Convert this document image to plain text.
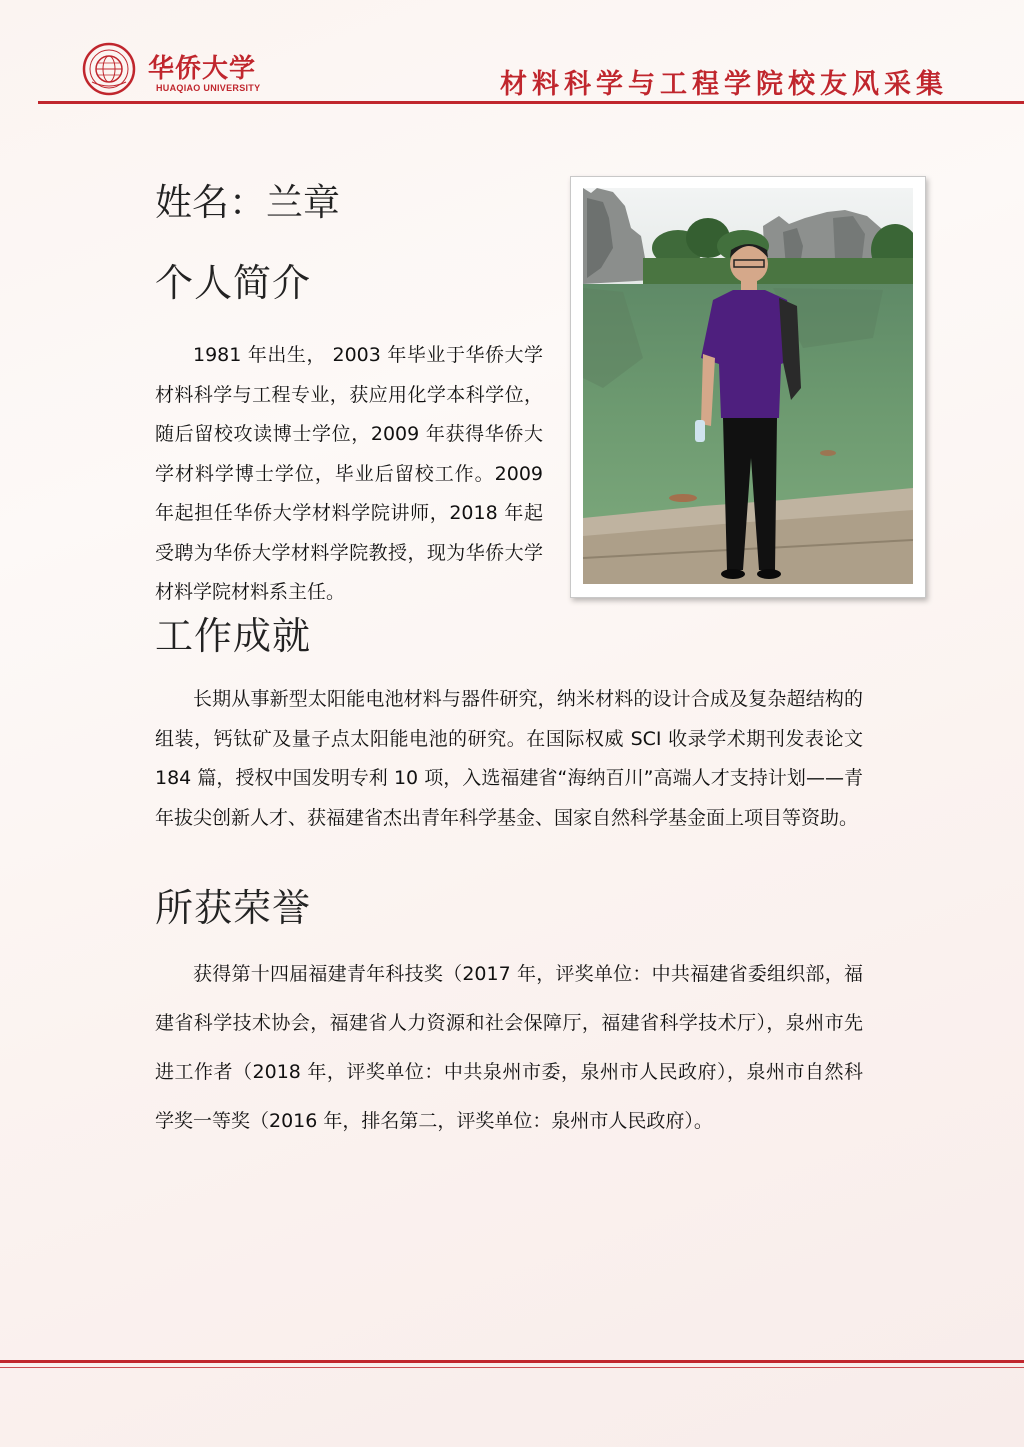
华侨大学
HUAQIAO UNIVERSITY	材料科学与工程学院校友风采集
姓名：兰章
个人简介

1981 年出生， 2003 年毕业于华侨大学材料科学与工程专业，获应用化学本科学位，随后留校攻读博士学位，2009 年获得华侨大学材料学博士学位，毕业后留校工作。2009 年起担任华侨大学材料学院讲师，2018 年起受聘为华侨大学材料学院教授，现为华侨大学材料学院材料系主任。

工作成就

长期从事新型太阳能电池材料与器件研究，纳米材料的设计合成及复杂超结构的组装，钙钛矿及量子点太阳能电池的研究。在国际权威 SCI 收录学术期刊发表论文 184 篇，授权中国发明专利 10 项，入选福建省“海纳百川”高端人才支持计划——青年拔尖创新人才、获福建省杰出青年科学基金、国家自然科学基金面上项目等资助。

所获荣誉

获得第十四届福建青年科技奖（2017 年，评奖单位：中共福建省委组织部，福建省科学技术协会，福建省人力资源和社会保障厅，福建省科学技术厅），泉州市先进工作者（2018 年，评奖单位：中共泉州市委，泉州市人民政府），泉州市自然科学奖一等奖（2016 年，排名第二，评奖单位：泉州市人民政府）。
